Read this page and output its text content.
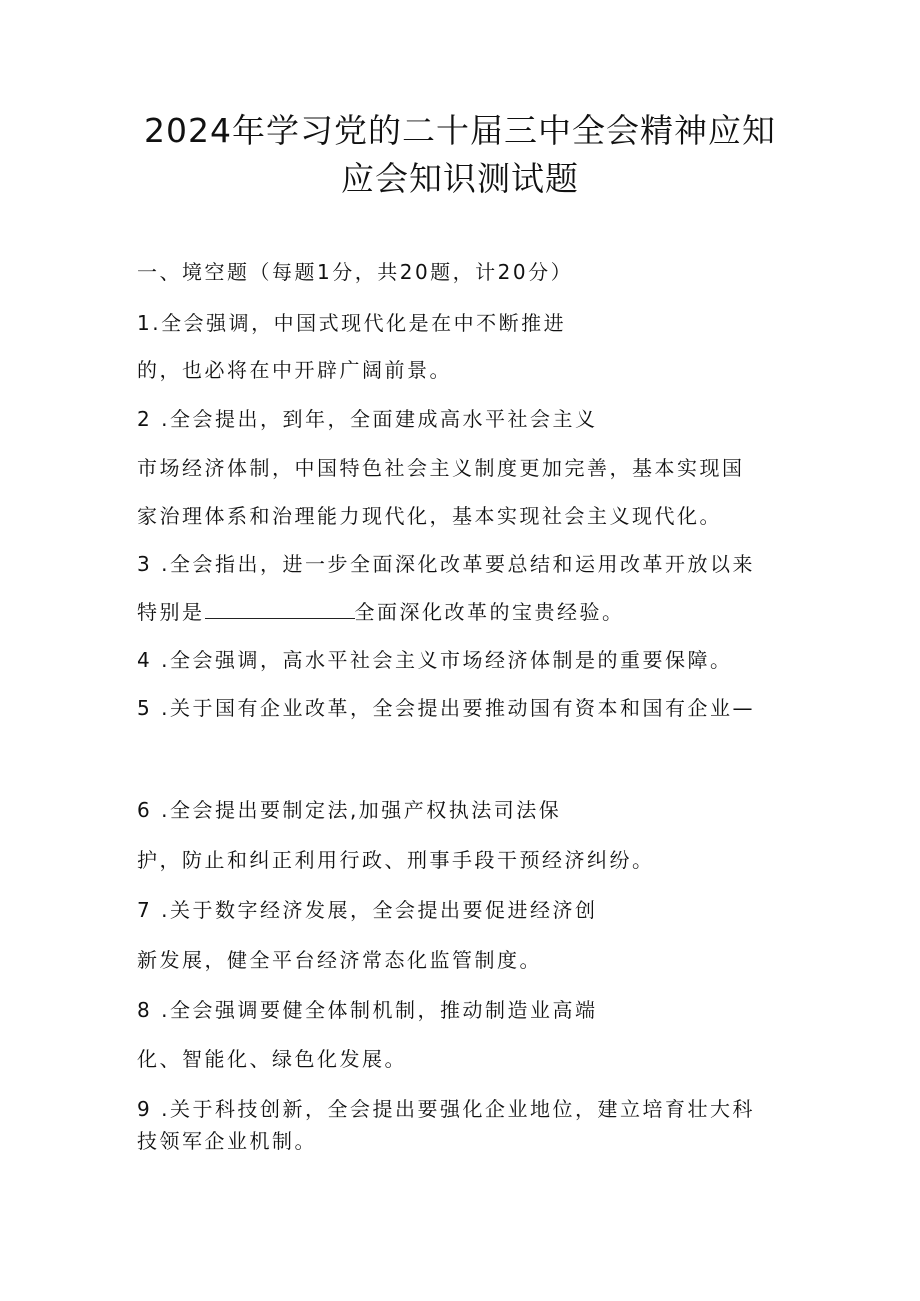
2024年学习党的二十届三中全会精神应知
应会知识测试题
一、境空题（每题1分，共20题，计20分）
1.全会强调，中国式现代化是在中不断推进
的，也必将在中开辟广阔前景。
2 .全会提出，到年，全面建成高水平社会主义
市场经济体制，中国特色社会主义制度更加完善，基本实现国
家治理体系和治理能力现代化，基本实现社会主义现代化。
3 .全会指出，进一步全面深化改革要总结和运用改革开放以来
特别是	全面深化改革的宝贵经验。
4 .全会强调，高水平社会主义市场经济体制是的重要保障。
5 .关于国有企业改革，全会提出要推动国有资本和国有企业—
6 .全会提出要制定法,加强产权执法司法保
护，防止和纠正利用行政、刑事手段干预经济纠纷。
7 .关于数字经济发展，全会提出要促进经济创
新发展，健全平台经济常态化监管制度。
8 .全会强调要健全体制机制，推动制造业高端
化、智能化、绿色化发展。
9 .关于科技创新，全会提出要强化企业地位，建立培育壮大科
技领军企业机制。
